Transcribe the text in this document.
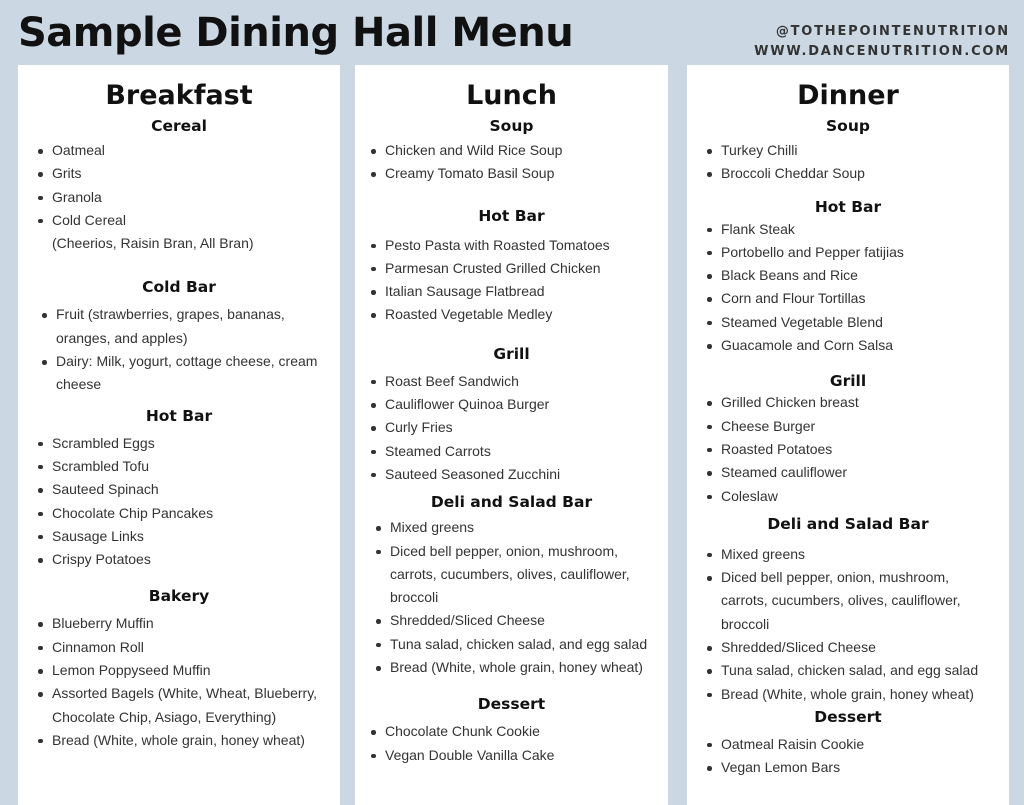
Sample Dining Hall Menu	@TOTHEPOINTENUTRITION
WWW.DANCENUTRITION.COM
Breakfast
Cereal
Oatmeal
Grits
Granola
Cold Cereal
(Cheerios, Raisin Bran, All Bran)
Cold Bar
Fruit (strawberries, grapes, bananas, oranges, and apples)
Dairy: Milk, yogurt, cottage cheese, cream cheese
Hot Bar
Scrambled Eggs
Scrambled Tofu
Sauteed Spinach
Chocolate Chip Pancakes
Sausage Links
Crispy Potatoes
Bakery
Blueberry Muffin
Cinnamon Roll
Lemon Poppyseed Muffin
Assorted Bagels (White, Wheat, Blueberry, Chocolate Chip, Asiago, Everything)
Bread (White, whole grain, honey wheat)
Lunch
Soup
Chicken and Wild Rice Soup
Creamy Tomato Basil Soup
Hot Bar
Pesto Pasta with Roasted Tomatoes
Parmesan Crusted Grilled Chicken
Italian Sausage Flatbread
Roasted Vegetable Medley
Grill
Roast Beef Sandwich
Cauliflower Quinoa Burger
Curly Fries
Steamed Carrots
Sauteed Seasoned Zucchini
Deli and Salad Bar
Mixed greens
Diced bell pepper, onion, mushroom, carrots, cucumbers, olives, cauliflower, broccoli
Shredded/Sliced Cheese
Tuna salad, chicken salad, and egg salad
Bread (White, whole grain, honey wheat)
Dessert
Chocolate Chunk Cookie
Vegan Double Vanilla Cake
Dinner
Soup
Turkey Chilli
Broccoli Cheddar Soup
Hot Bar
Flank Steak
Portobello and Pepper fatijias
Black Beans and Rice
Corn and Flour Tortillas
Steamed Vegetable Blend
Guacamole and Corn Salsa
Grill
Grilled Chicken breast
Cheese Burger
Roasted Potatoes
Steamed cauliflower
Coleslaw
Deli and Salad Bar
Mixed greens
Diced bell pepper, onion, mushroom, carrots, cucumbers, olives, cauliflower, broccoli
Shredded/Sliced Cheese
Tuna salad, chicken salad, and egg salad
Bread (White, whole grain, honey wheat)
Dessert
Oatmeal Raisin Cookie
Vegan Lemon Bars
